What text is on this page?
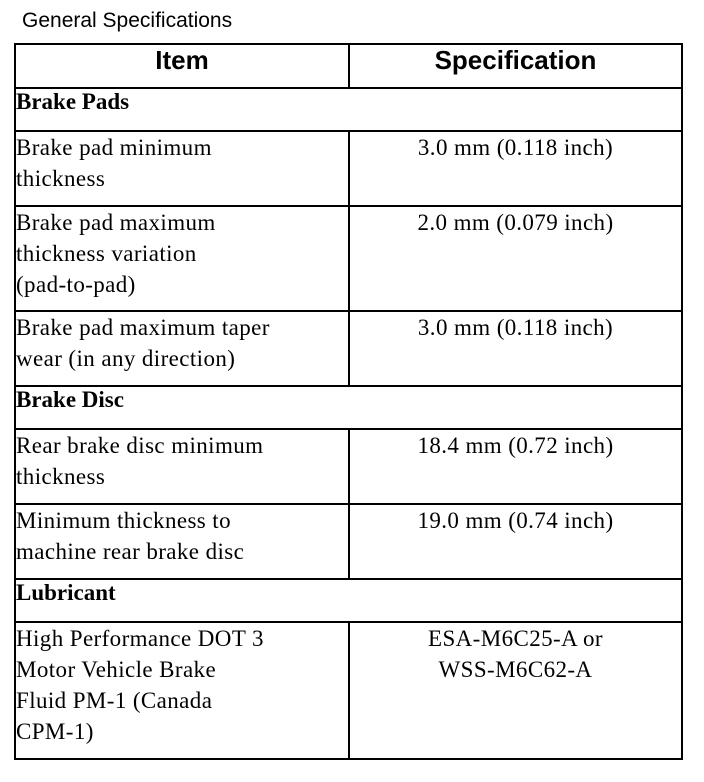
General Specifications
Item	Specification
Brake Pads	

Brake pad minimum
thickness	3.0 mm (0.118 inch)

Brake pad maximum
thickness variation
(pad-to-pad)	2.0 mm (0.079 inch)

Brake pad maximum taper
wear (in any direction)	3.0 mm (0.118 inch)

Brake Disc	

Rear brake disc minimum
thickness	18.4 mm (0.72 inch)

Minimum thickness to
machine rear brake disc	19.0 mm (0.74 inch)

Lubricant	

High Performance DOT 3
Motor Vehicle Brake
Fluid PM-1 (Canada
CPM-1)	ESA-M6C25-A or
WSS-M6C62-A
